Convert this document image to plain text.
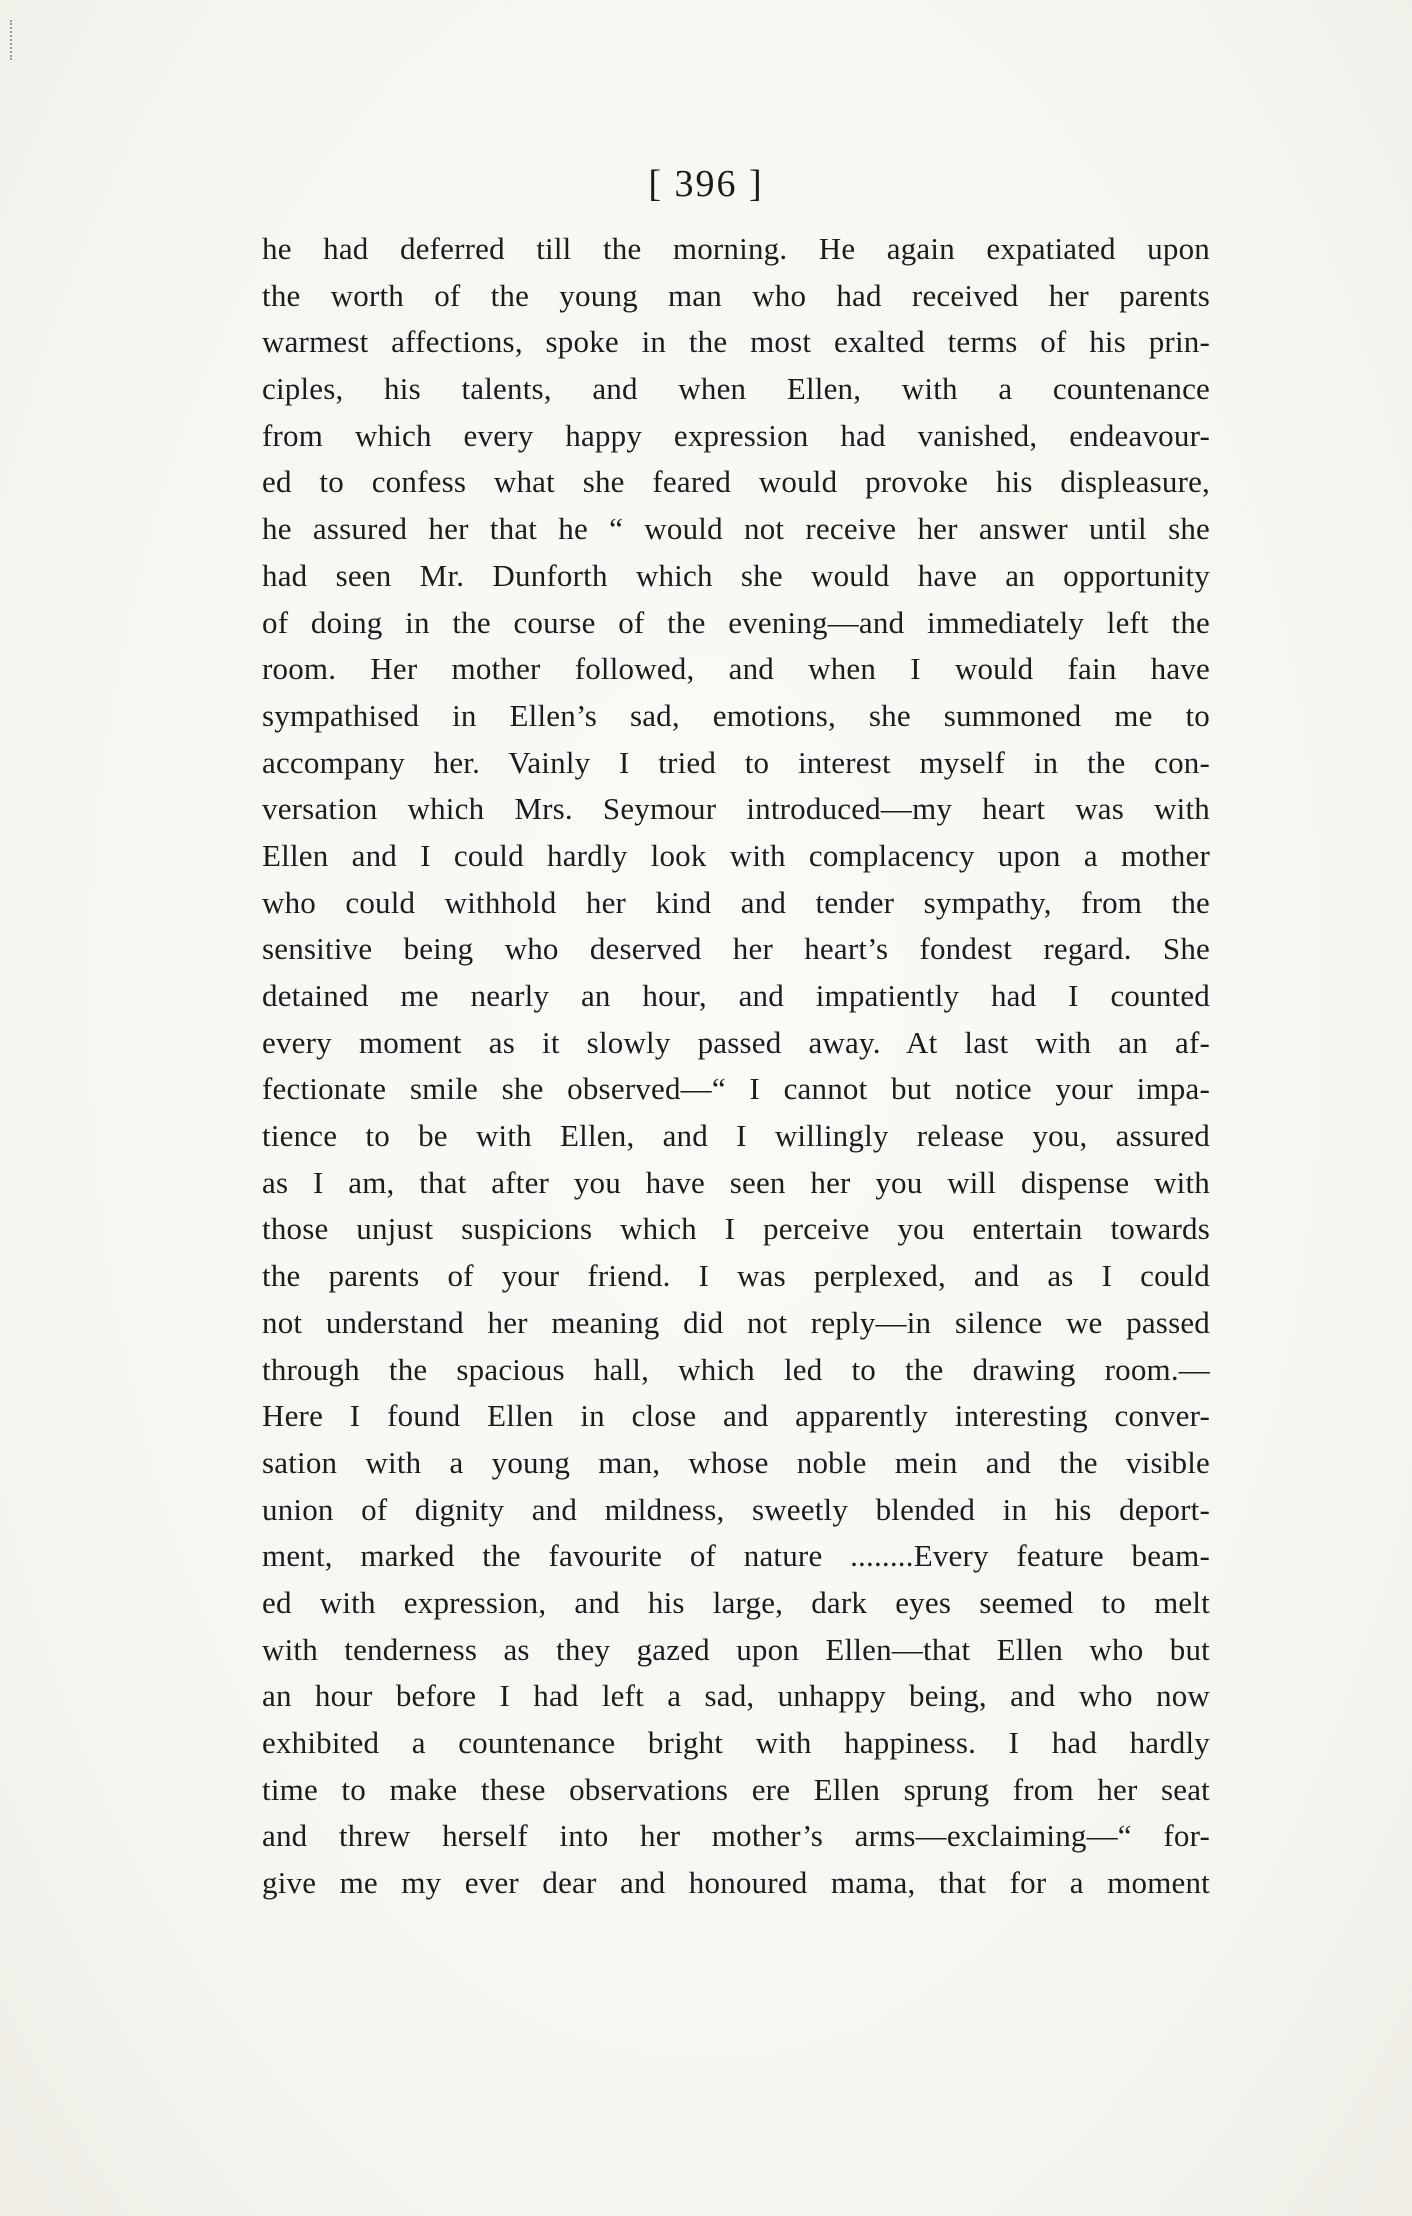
[ 396 ]
he had deferred till the morning. He again expatiated upon
the worth of the young man who had received her parents
warmest affections, spoke in the most exalted terms of his prin-
ciples, his talents, and when Ellen, with a countenance
from which every happy expression had vanished, endeavour-
ed to confess what she feared would provoke his displeasure,
he assured her that he “ would not receive her answer until she
had seen Mr. Dunforth which she would have an opportunity
of doing in the course of the evening—and immediately left the
room. Her mother followed, and when I would fain have
sympathised in Ellen’s sad, emotions, she summoned me to
accompany her. Vainly I tried to interest myself in the con-
versation which Mrs. Seymour introduced—my heart was with
Ellen and I could hardly look with complacency upon a mother
who could withhold her kind and tender sympathy, from the
sensitive being who deserved her heart’s fondest regard. She
detained me nearly an hour, and impatiently had I counted
every moment as it slowly passed away. At last with an af-
fectionate smile she observed—“ I cannot but notice your impa-
tience to be with Ellen, and I willingly release you, assured
as I am, that after you have seen her you will dispense with
those unjust suspicions which I perceive you entertain towards
the parents of your friend. I was perplexed, and as I could
not understand her meaning did not reply—in silence we passed
through the spacious hall, which led to the drawing room.—
Here I found Ellen in close and apparently interesting conver-
sation with a young man, whose noble mein and the visible
union of dignity and mildness, sweetly blended in his deport-
ment, marked the favourite of nature ........Every feature beam-
ed with expression, and his large, dark eyes seemed to melt
with tenderness as they gazed upon Ellen—that Ellen who but
an hour before I had left a sad, unhappy being, and who now
exhibited a countenance bright with happiness. I had hardly
time to make these observations ere Ellen sprung from her seat
and threw herself into her mother’s arms—exclaiming—“ for-
give me my ever dear and honoured mama, that for a moment
